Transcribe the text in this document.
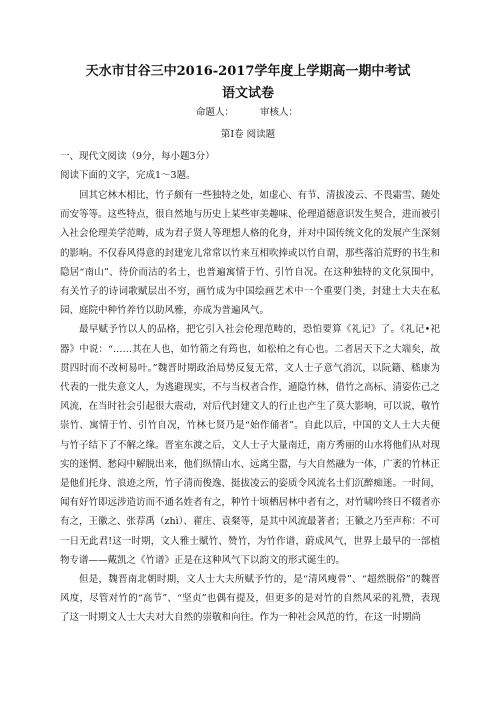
天水市甘谷三中2016-2017学年度上学期高一期中考试
语文试卷
命题人：	审核人：
第Ⅰ卷 阅读题
一、现代文阅读（9分，每小题3分）
阅读下面的文字，完成1～3题。

回其它林木相比，竹子颇有一些独特之处，如虚心、有节、清拔凌云、不畏霜雪、随处而安等等。这些特点，很自然地与历史上某些审美趣味、伦理道德意识发生契合，进而被引入社会伦理美学范畴，成为君子贤人等理想人格的化身，并对中国传统文化的发展产生深刻的影响。不仅春风得意的封建宠儿常常以竹来互相吹捧或以竹自谓，那些落泊荒野的书生和隐居“南山”、待价而沽的名士，也普遍寓情于竹、引竹自况。在这种独特的文化氛围中，有关竹子的诗词歌赋层出不穷，画竹成为中国绘画艺术中一个重要门类，封建士大夫在私园、庭院中种竹养竹以助风雅，亦成为普遍风气。

最早赋予竹以人的品格，把它引入社会伦理范畴的，恐怕要算《礼记》了。《礼记•祀器》中说：“……其在人也，如竹箭之有筠也，如松柏之有心也。二者居天下之大端矣，故贯四时而不改柯易叶。”魏晋时期政治局势反复无常，文人士子意气消沉，以阮籍、嵇康为代表的一批失意文人，为逃避现实，不与当权者合作，遁隐竹林，借竹之高标、清姿佐己之风流，在当时社会引起很大震动，对后代封建文人的行止也产生了莫大影响，可以说，敬竹崇竹、寓情于竹、引竹自况，竹林七贤乃是“始作俑者”。自此以后，中国的文人士大夫便与竹子结下了不解之缘。晋室东渡之后，文人士子大量南迁，南方秀丽的山水将他们从对现实的迷惘、愁闷中解脱出来，他们纵情山水、远离尘嚣，与大自然融为一体，广袤的竹林正是他们托身、浪迹之所，竹子清而俊逸、挺拔凌云的姿质令风流名士们沉醉痴迷。一时间，闻有好竹即远涉造访而不通名姓者有之，种竹十顷栖居林中者有之，对竹啸吟终日不辍者亦有之，王徽之、张荐禹（zhì）、翟庄、袁粲等，是其中风流最著者；王徽之乃至声称：不可一日无此君!这一时期，文人雅士赋竹、赞竹，为竹作谱，蔚成风气，世界上最早的一部植物专谱——戴凯之《竹谱》正是在这种风气下以韵文的形式诞生的。

但是，魏晋南北朝时期，文人士大夫所赋予竹的，是“清风瘦骨”、“超然脱俗”的魏晋风度，尽管对竹的“高节”、“坚贞”也偶有提及，但更多的是对竹的自然风采的礼赞，表现了这一时期文人士大夫对大自然的崇敬和向往。作为一种社会风范的竹，在这一时期尚
